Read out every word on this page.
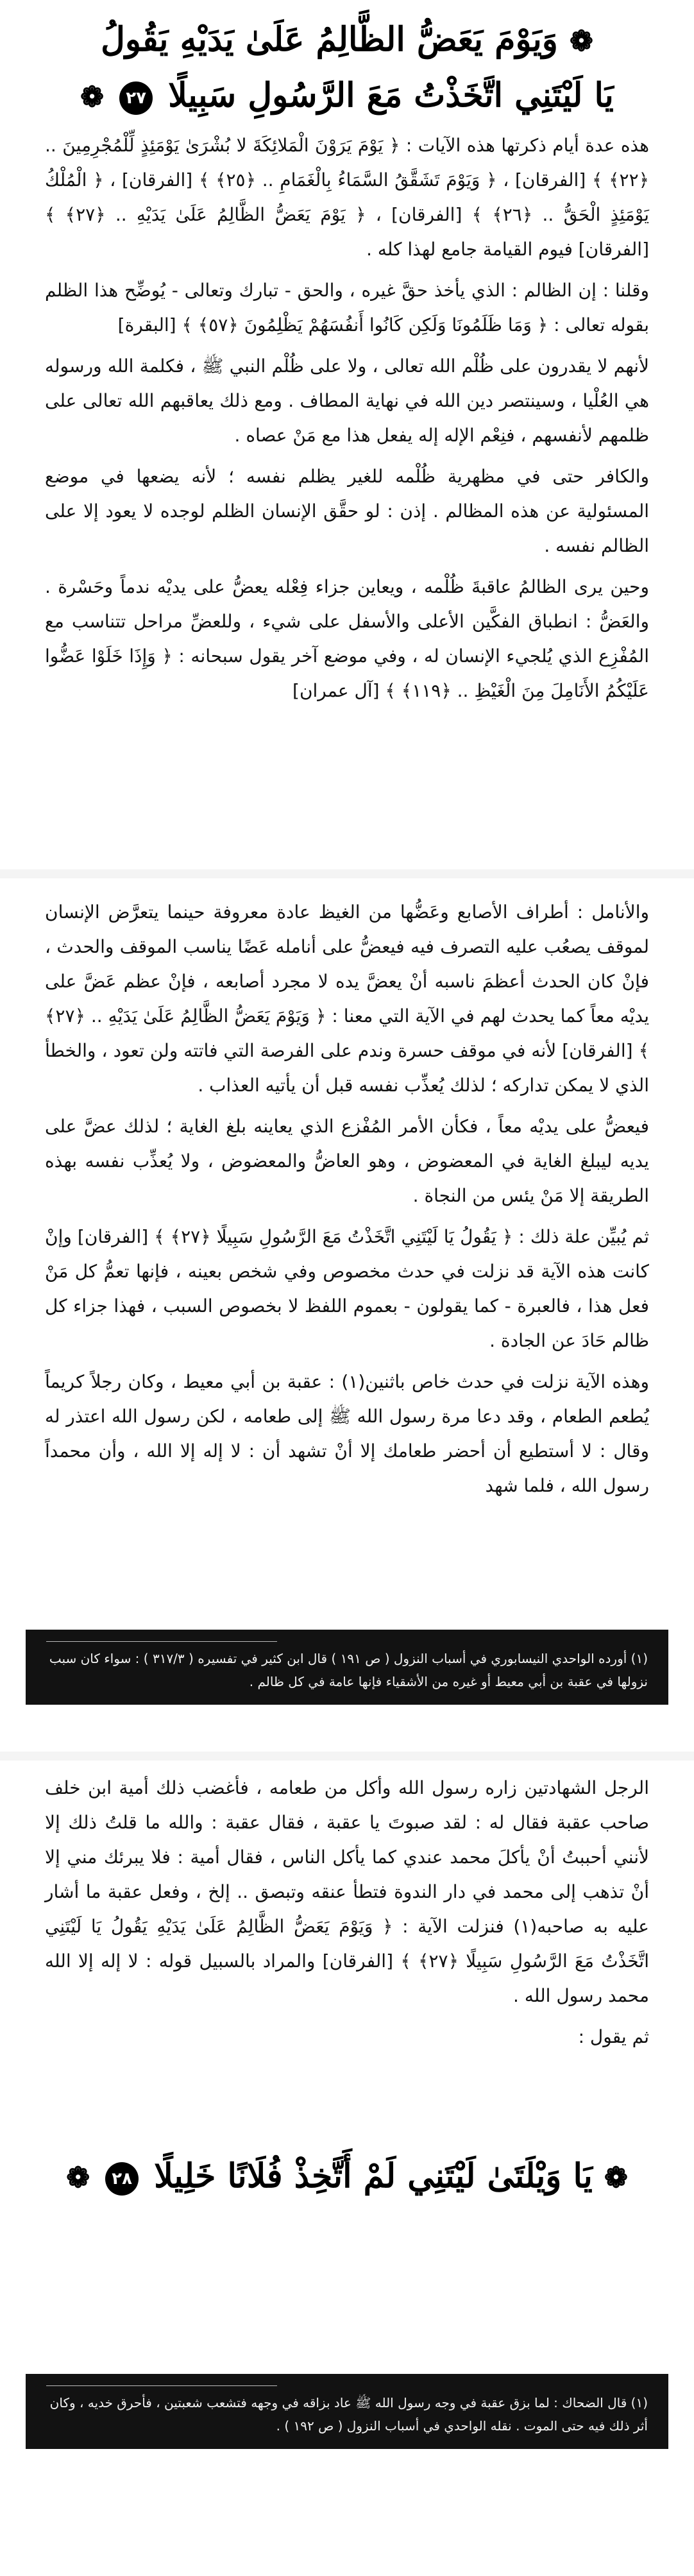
❁ وَيَوْمَ يَعَضُّ الظَّالِمُ عَلَىٰ يَدَيْهِ يَقُولُ
يَا لَيْتَنِي اتَّخَذْتُ مَعَ الرَّسُولِ سَبِيلًا ٢٧ ❁

هذه عدة أيام ذكرتها هذه الآيات : ﴿ يَوْمَ يَرَوْنَ الْمَلائِكَةَ لا بُشْرَىٰ يَوْمَئِذٍ لِّلْمُجْرِمِينَ .. ﴿٢٢﴾ ﴾ [الفرقان] ، ﴿ وَيَوْمَ تَشَقَّقُ السَّمَاءُ بِالْغَمَامِ .. ﴿٢٥﴾ ﴾ [الفرقان] ، ﴿ الْمُلْكُ يَوْمَئِذٍ الْحَقُّ .. ﴿٢٦﴾ ﴾ [الفرقان] ، ﴿ يَوْمَ يَعَضُّ الظَّالِمُ عَلَىٰ يَدَيْهِ .. ﴿٢٧﴾ ﴾ [الفرقان] فيوم القيامة جامع لهذا كله .

وقلنا : إن الظالم : الذي يأخذ حقَّ غيره ، والحق - تبارك وتعالى - يُوضِّح هذا الظلم بقوله تعالى : ﴿ وَمَا ظَلَمُونَا وَلَكِن كَانُوا أَنفُسَهُمْ يَظْلِمُونَ ﴿٥٧﴾ ﴾ [البقرة]

لأنهم لا يقدرون على ظُلْم الله تعالى ، ولا على ظُلْم النبي ﷺ ، فكلمة الله ورسوله هي العُلْيا ، وسينتصر دين الله في نهاية المطاف . ومع ذلك يعاقبهم الله تعالى على ظلمهم لأنفسهم ، فنِعْم الإله إله يفعل هذا مع مَنْ عصاه .

والكافر حتى في مظهرية ظُلْمه للغير يظلم نفسه ؛ لأنه يضعها في موضع المسئولية عن هذه المظالم . إذن : لو حقَّق الإنسان الظلم لوجده لا يعود إلا على الظالم نفسه .

وحين يرى الظالمُ عاقبةَ ظُلْمه ، ويعاين جزاء فِعْله يعضُّ على يديْه ندماً وحَسْرة . والعَضُّ : انطباق الفكَّين الأعلى والأسفل على شيء ، وللعضِّ مراحل تتناسب مع المُفْزِع الذي يُلجيء الإنسان له ، وفي موضع آخر يقول سبحانه : ﴿ وَإِذَا خَلَوْا عَضُّوا عَلَيْكُمُ الأَنَامِلَ مِنَ الْغَيْظِ .. ﴿١١٩﴾ ﴾ [آل عمران]

والأنامل : أطراف الأصابع وعَضُّها من الغيظ عادة معروفة حينما يتعرَّض الإنسان لموقف يصعُب عليه التصرف فيه فيعضُّ على أنامله عَضًا يناسب الموقف والحدث ، فإنْ كان الحدث أعظمَ ناسبه أنْ يعضَّ يده لا مجرد أصابعه ، فإنْ عظم عَضَّ على يديْه معاً كما يحدث لهم في الآية التي معنا : ﴿ وَيَوْمَ يَعَضُّ الظَّالِمُ عَلَىٰ يَدَيْهِ .. ﴿٢٧﴾ ﴾ [الفرقان] لأنه في موقف حسرة وندم على الفرصة التي فاتته ولن تعود ، والخطأ الذي لا يمكن تداركه ؛ لذلك يُعذِّب نفسه قبل أن يأتيه العذاب .

فيعضُّ على يديْه معاً ، فكأن الأمر المُفْزع الذي يعاينه بلغ الغاية ؛ لذلك عضَّ على يديه ليبلغ الغاية في المعضوض ، وهو العاضُّ والمعضوض ، ولا يُعذِّب نفسه بهذه الطريقة إلا مَنْ يئس من النجاة .

ثم يُبيِّن علة ذلك : ﴿ يَقُولُ يَا لَيْتَنِي اتَّخَذْتُ مَعَ الرَّسُولِ سَبِيلًا ﴿٢٧﴾ ﴾ [الفرقان] وإنْ كانت هذه الآية قد نزلت في حدث مخصوص وفي شخص بعينه ، فإنها تعمُّ كل مَنْ فعل هذا ، فالعبرة - كما يقولون - بعموم اللفظ لا بخصوص السبب ، فهذا جزاء كل ظالم حَادَ عن الجادة .

وهذه الآية نزلت في حدث خاص باثنين(١) : عقبة بن أبي معيط ، وكان رجلاً كريماً يُطعم الطعام ، وقد دعا مرة رسول الله ﷺ إلى طعامه ، لكن رسول الله اعتذر له وقال : لا أستطيع أن أحضر طعامك إلا أنْ تشهد أن : لا إله إلا الله ، وأن محمداً رسول الله ، فلما شهد

(١) أورده الواحدي النيسابوري في أسباب النزول ( ص ١٩١ ) قال ابن كثير في تفسيره ( ٣١٧/٣ ) : سواء كان سبب نزولها في عقبة بن أبي معيط أو غيره من الأشقياء فإنها عامة في كل ظالم .

الرجل الشهادتين زاره رسول الله وأكل من طعامه ، فأغضب ذلك أمية ابن خلف صاحب عقبة فقال له : لقد صبوتَ يا عقبة ، فقال عقبة : والله ما قلتُ ذلك إلا لأنني أحببتُ أنْ يأكلَ محمد عندي كما يأكل الناس ، فقال أمية : فلا يبرئك مني إلا أنْ تذهب إلى محمد في دار الندوة فتطأ عنقه وتبصق .. إلخ ، وفعل عقبة ما أشار عليه به صاحبه(١) فنزلت الآية : ﴿ وَيَوْمَ يَعَضُّ الظَّالِمُ عَلَىٰ يَدَيْهِ يَقُولُ يَا لَيْتَنِي اتَّخَذْتُ مَعَ الرَّسُولِ سَبِيلًا ﴿٢٧﴾ ﴾ [الفرقان] والمراد بالسبيل قوله : لا إله إلا الله محمد رسول الله .

ثم يقول :

❁ يَا وَيْلَتَىٰ لَيْتَنِي لَمْ أَتَّخِذْ فُلَانًا خَلِيلًا ٢٨ ❁
(١) قال الضحاك : لما بزق عقبة في وجه رسول الله ﷺ عاد بزاقه في وجهه فتشعب شعبتين ، فأحرق خديه ، وكان أثر ذلك فيه حتى الموت . نقله الواحدي في أسباب النزول ( ص ١٩٢ ) .
